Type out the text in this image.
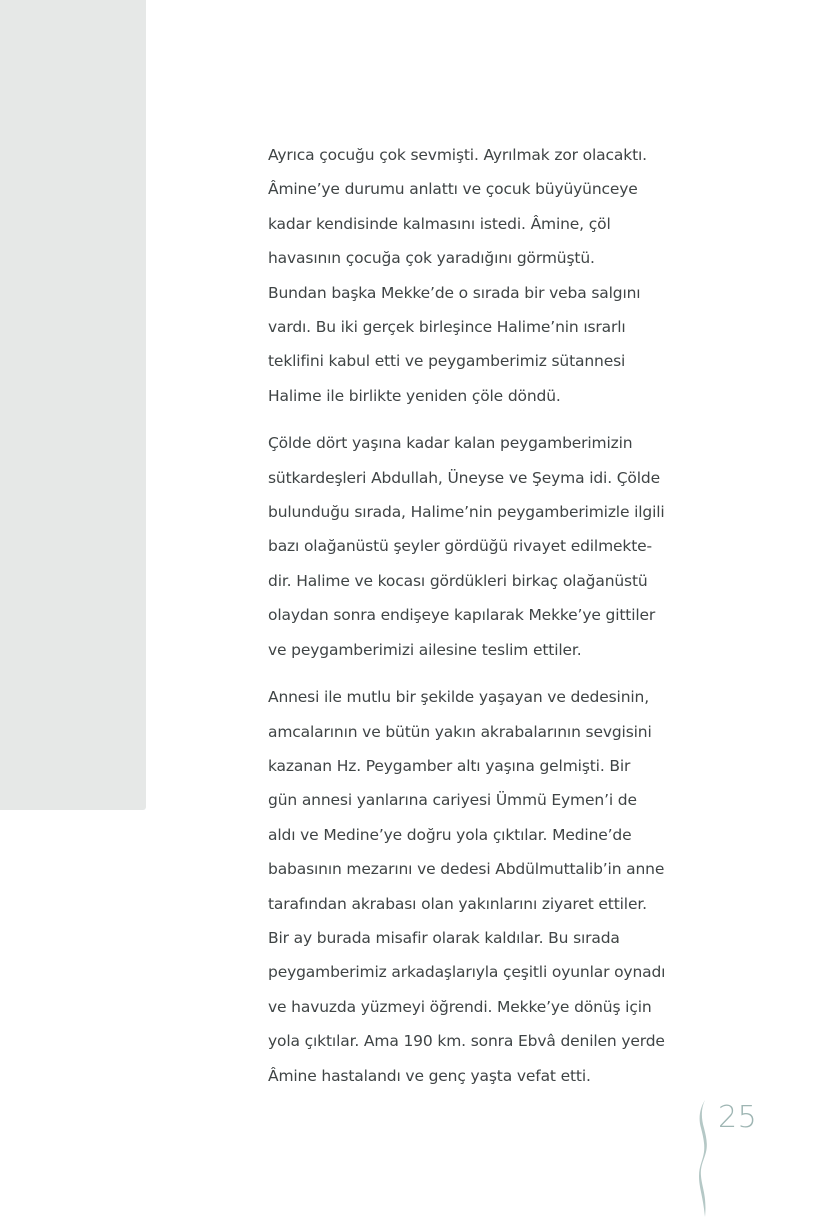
Ayrıca çocuğu çok sevmişti. Ayrılmak zor olacaktı.
Âmine’ye durumu anlattı ve çocuk büyüyünceye
kadar kendisinde kalmasını istedi. Âmine, çöl
havasının çocuğa çok yaradığını görmüştü.
Bundan başka Mekke’de o sırada bir veba salgını
vardı. Bu iki gerçek birleşince Halime’nin ısrarlı
teklifini kabul etti ve peygamberimiz sütannesi
Halime ile birlikte yeniden çöle döndü.
Çölde dört yaşına kadar kalan peygamberimizin
sütkardeşleri Abdullah, Üneyse ve Şeyma idi. Çölde
bulunduğu sırada, Halime’nin peygamberimizle ilgili
bazı olağanüstü şeyler gördüğü rivayet edilmekte-
dir. Halime ve kocası gördükleri birkaç olağanüstü
olaydan sonra endişeye kapılarak Mekke’ye gittiler
ve peygamberimizi ailesine teslim ettiler.
Annesi ile mutlu bir şekilde yaşayan ve dedesinin,
amcalarının ve bütün yakın akrabalarının sevgisini
kazanan Hz. Peygamber altı yaşına gelmişti. Bir
gün annesi yanlarına cariyesi Ümmü Eymen’i de
aldı ve Medine’ye doğru yola çıktılar. Medine’de
babasının mezarını ve dedesi Abdülmuttalib’in anne
tarafından akrabası olan yakınlarını ziyaret ettiler.
Bir ay burada misafir olarak kaldılar. Bu sırada
peygamberimiz arkadaşlarıyla çeşitli oyunlar oynadı
ve havuzda yüzmeyi öğrendi. Mekke’ye dönüş için
yola çıktılar. Ama 190 km. sonra Ebvâ denilen yerde
Âmine hastalandı ve genç yaşta vefat etti.
25
